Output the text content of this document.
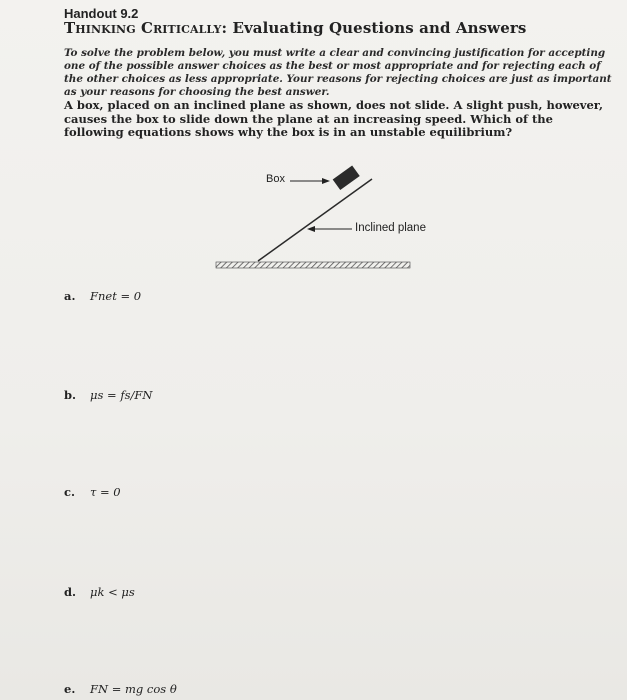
Handout 9.2
Thinking Critically: Evaluating Questions and Answers
To solve the problem below, you must write a clear and convincing justification for accepting one of the possible answer choices as the best or most appropriate and for rejecting each of the other choices as less appropriate. Your reasons for rejecting choices are just as important as your reasons for choosing the best answer.
A box, placed on an inclined plane as shown, does not slide. A slight push, however, causes the box to slide down the plane at an increasing speed. Which of the following equations shows why the box is in an unstable equilibrium?
Box
Inclined plane
a. Fnet = 0
b. μs = fs/FN
c. τ = 0
d. μk < μs
e. FN = mg cos θ
